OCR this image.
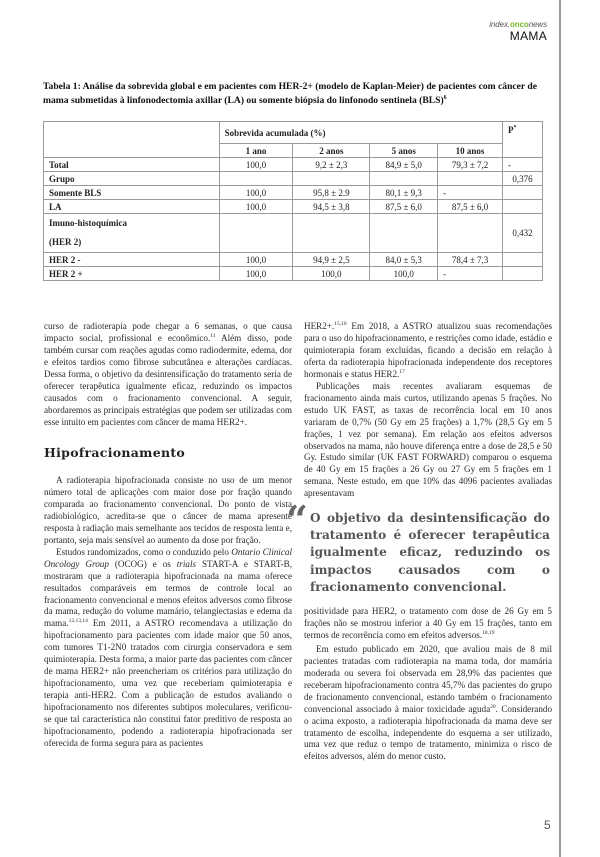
index.onconews
MAMA
Tabela 1: Análise da sobrevida global e em pacientes com HER-2+ (modelo de Kaplan-Meier) de pacientes com câncer de mama submetidas à linfonodectomia axillar (LA) ou somente biópsia do linfonodo sentinela (BLS)$^6$
	Sobrevida acumulada (%)				P*
	1 ano	2 anos	5 anos	10 anos	
Total	100,0	9,2 ± 2,3	84,9 ± 5,0	79,3 ± 7,2	-
Grupo					0,376
Somente BLS	100,0	95,8 ± 2.9	80,1 ± 9,3	-	
LA	100,0	94,5 ± 3,8	87,5 ± 6,0	87,5 ± 6,0	

Imuno-histoquímica
(HER 2)					0,432
HER 2 -	100,0	94,9 ± 2,5	84,0 ± 5,3	78,4 ± 7,3	
HER 2 +	100,0	100,0	100,0	-	

curso de radioterapia pode chegar a 6 semanas, o que causa impacto social, profissional e econômico.$^{11}$ Além disso, pode também cursar com reações agudas como radiodermite, edema, dor e efeitos tardios como fibrose subcutânea e alterações cardíacas. Dessa forma, o objetivo da desintensificação do tratamento seria de oferecer terapêutica igualmente eficaz, reduzindo os impactos causados com o fracionamento convencional. A seguir, abordaremos as principais estratégias que podem ser utilizadas com esse intuito em pacientes com câncer de mama HER2+.

Hipofracionamento

A radioterapia hipofracionada consiste no uso de um menor número total de aplicações com maior dose por fração quando comparada ao fracionamento convencional. Do ponto de vista radiobiológico, acredita-se que o câncer de mama apresente resposta à radiação mais semelhante aos tecidos de resposta lenta e, portanto, seja mais sensível ao aumento da dose por fração.

Estudos randomizados, como o conduzido pelo Ontario Clinical Oncology Group (OCOG) e os trials START-A e START-B, mostraram que a radioterapia hipofracionada na mama oferece resultados comparáveis em termos de controle local ao fracionamento convencional e menos efeitos adversos como fibrose da mama, redução do volume mamário, telangiectasias e edema da mama.$^{12,13,14}$ Em 2011, a ASTRO recomendava a utilização do hipofracionamento para pacientes com idade maior que 50 anos, com tumores T1-2N0 tratados com cirurgia conservadora e sem quimioterapia. Desta forma, a maior parte das pacientes com câncer de mama HER2+ não preencheriam os critérios para utilização do hipofracionamento, uma vez que receberiam quimioterapia e terapia anti-HER2. Com a publicação de estudos avaliando o hipofracionamento nos diferentes subtipos moleculares, verificou-se que tal característica não constitui fator preditivo de resposta ao hipofracionamento, podendo a radioterapia hipofracionada ser oferecida de forma segura para as pacientes

HER2+.$^{15,16}$ Em 2018, a ASTRO atualizou suas recomendações para o uso do hipofracionamento, e restrições como idade, estádio e quimioterapia foram excluídas, ficando a decisão em relação à oferta da radioterapia hipofracionada independente dos receptores hormonais e status HER2.17

Publicações mais recentes avaliaram esquemas de fracionamento ainda mais curtos, utilizando apenas 5 frações. No estudo UK FAST, as taxas de recorrência local em 10 anos variaram de 0,7% (50 Gy em 25 frações) a 1,7% (28,5 Gy em 5 frações, 1 vez por semana). Em relação aos efeitos adversos observados na mama, não houve diferença entre a dose de 28,5 e 50 Gy. Estudo similar (UK FAST FORWARD) comparou o esquema de 40 Gy em 15 frações a 26 Gy ou 27 Gy em 5 frações em 1 semana. Neste estudo, em que 10% das 4096 pacientes avaliadas apresentavam

“ O objetivo da desintensificação do tratamento é oferecer terapêutica igualmente eficaz, reduzindo os impactos causados com o fracionamento convencional.

positividade para HER2, o tratamento com dose de 26 Gy em 5 frações não se mostrou inferior a 40 Gy em 15 frações, tanto em termos de recorrência como em efeitos adversos.$^{18,19}$

Em estudo publicado em 2020, que avaliou mais de 8 mil pacientes tratadas com radioterapia na mama toda, dor mamária moderada ou severa foi observada em 28,9% das pacientes que receberam hipofracionamento contra 45,7% das pacientes do grupo de fracionamento convencional, estando também o fracionamento convencional associado à maior toxicidade aguda$^{20}$. Considerando o acima exposto, a radioterapia hipofracionada da mama deve ser tratamento de escolha, independente do esquema a ser utilizado, uma vez que reduz o tempo de tratamento, minimiza o risco de efeitos adversos, além do menor custo.

5
